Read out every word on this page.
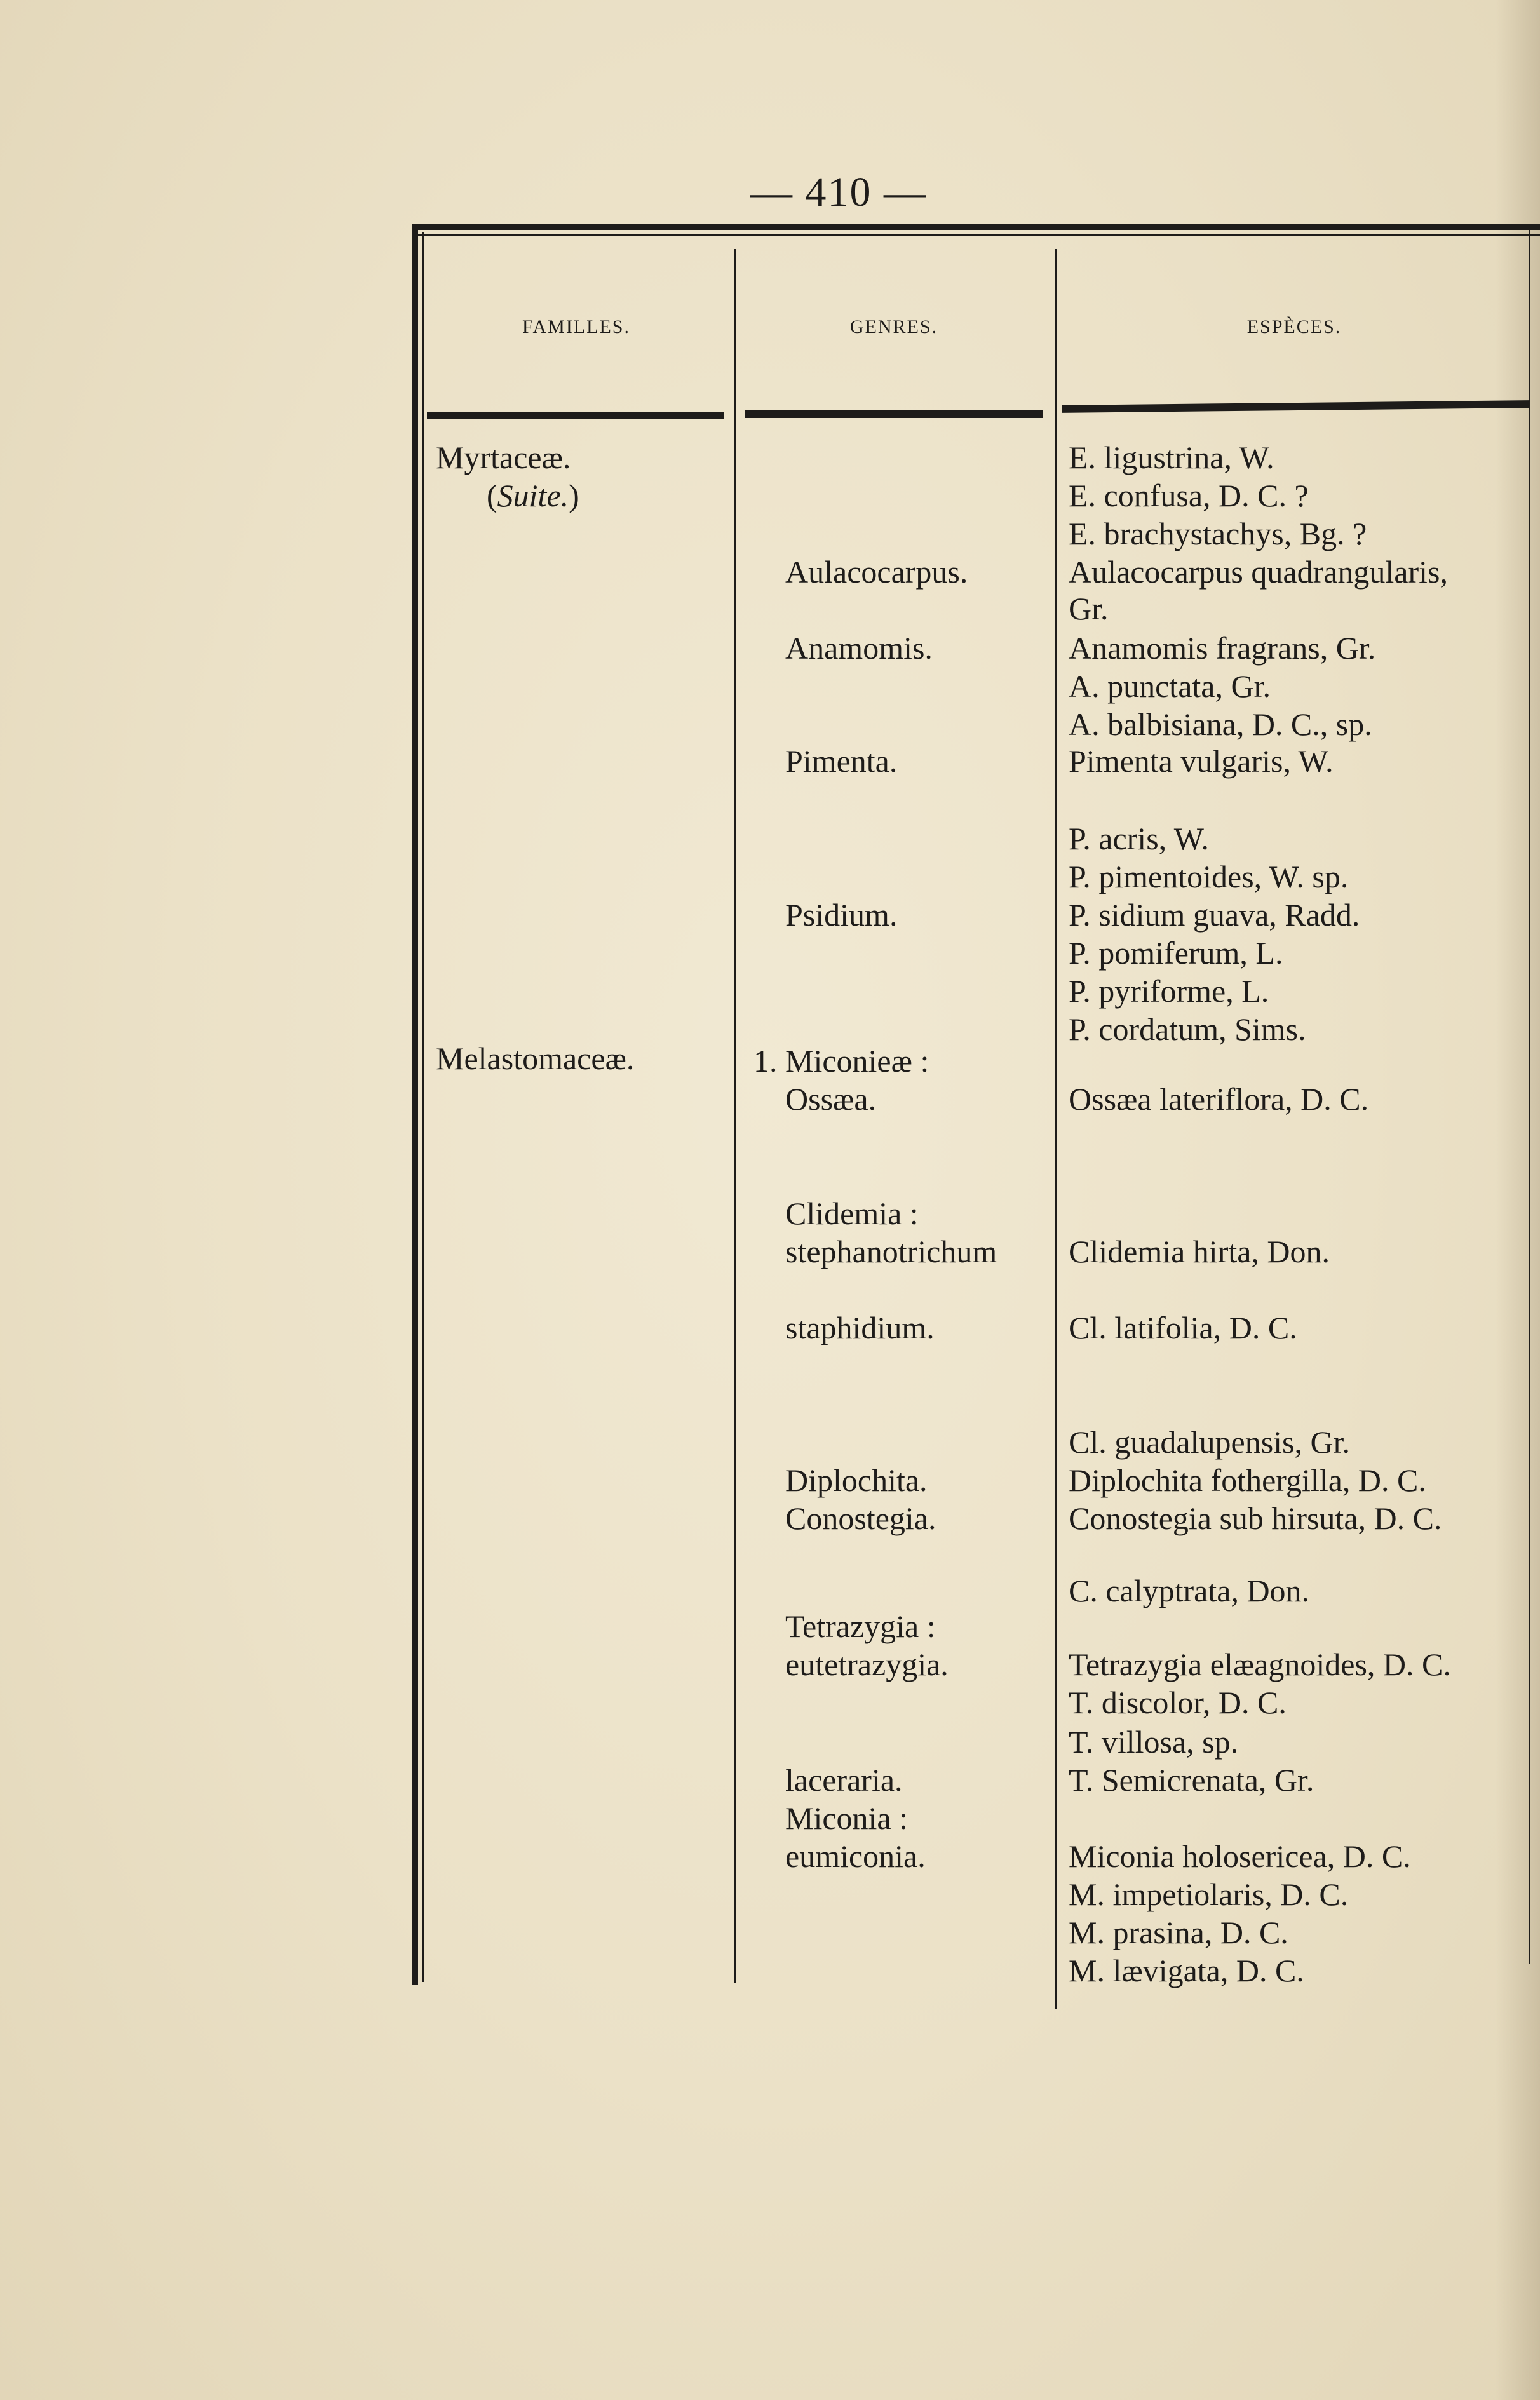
— 410 —
FAMILLES.	GENRES.	ESPÈCES.
Myrtaceæ.
(Suite.)
Melastomaceæ.
Aulacocarpus.
Anamomis.
Pimenta.
Psidium.
1. Miconieæ :
Ossæa.
Clidemia :
stephanotrichum
staphidium.
Diplochita.
Conostegia.
Tetrazygia :
eutetrazygia.
laceraria.
Miconia :
eumiconia.
E. ligustrina, W.
E. confusa, D. C. ?
E. brachystachys, Bg. ?
Aulacocarpus quadrangularis,
Gr.
Anamomis fragrans, Gr.
A. punctata, Gr.
A. balbisiana, D. C., sp.
Pimenta vulgaris, W.
P. acris, W.
P. pimentoides, W. sp.
P. sidium guava, Radd.
P. pomiferum, L.
P. pyriforme, L.
P. cordatum, Sims.
Ossæa lateriflora, D. C.
Clidemia hirta, Don.
Cl. latifolia, D. C.
Cl. guadalupensis, Gr.
Diplochita fothergilla, D. C.
Conostegia sub hirsuta, D. C.
C. calyptrata, Don.
Tetrazygia elæagnoides, D. C.
T. discolor, D. C.
T. villosa, sp.
T. Semicrenata, Gr.
Miconia holosericea, D. C.
M. impetiolaris, D. C.
M. prasina, D. C.
M. lævigata, D. C.
